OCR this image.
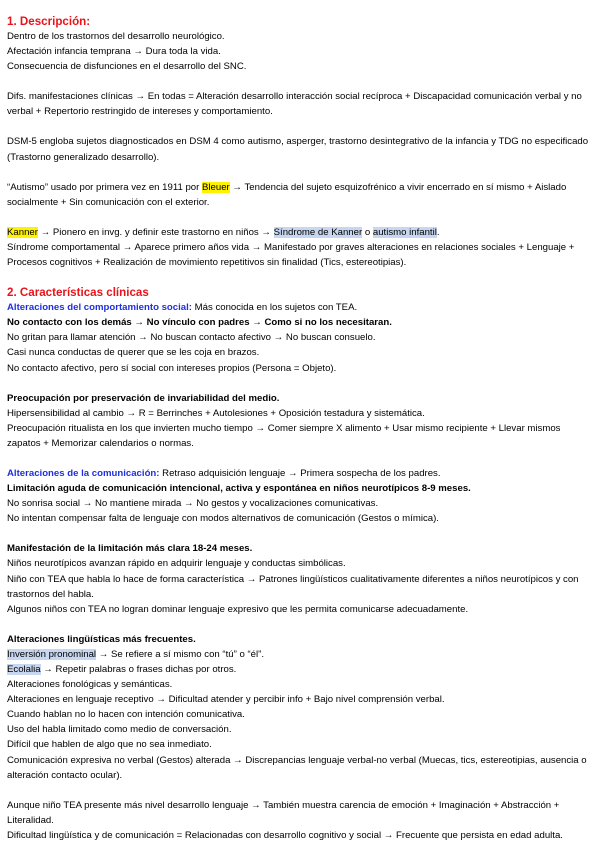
1. Descripción:

Dentro de los trastornos del desarrollo neurológico.

Afectación infancia temprana → Dura toda la vida.

Consecuencia de disfunciones en el desarrollo del SNC.

Difs. manifestaciones clínicas → En todas = Alteración desarrollo interacción social recíproca + Discapacidad comunicación verbal y no verbal + Repertorio restringido de intereses y comportamiento.

DSM-5 engloba sujetos diagnosticados en DSM 4 como autismo, asperger, trastorno desintegrativo de la infancia y TDG no especificado (Trastorno generalizado desarrollo).

“Autismo” usado por primera vez en 1911 por Bleuer → Tendencia del sujeto esquizofrénico a vivir encerrado en sí mismo + Aislado socialmente + Sin comunicación con el exterior.

Kanner → Pionero en invg. y definir este trastorno en niños → Síndrome de Kanner o autismo infantil.

Síndrome comportamental → Aparece primero años vida → Manifestado por graves alteraciones en relaciones sociales + Lenguaje + Procesos cognitivos + Realización de movimiento repetitivos sin finalidad (Tics, estereotipias).

2. Características clínicas

Alteraciones del comportamiento social: Más conocida en los sujetos con TEA.

No contacto con los demás → No vínculo con padres → Como si no los necesitaran.

No gritan para llamar atención → No buscan contacto afectivo → No buscan consuelo.

Casi nunca conductas de querer que se les coja en brazos.

No contacto afectivo, pero sí social con intereses propios (Persona = Objeto).

Preocupación por preservación de invariabilidad del medio.

Hipersensibilidad al cambio → R = Berrinches + Autolesiones + Oposición testadura y sistemática.

Preocupación ritualista en los que invierten mucho tiempo → Comer siempre X alimento + Usar mismo recipiente + Llevar mismos zapatos + Memorizar calendarios o normas.

Alteraciones de la comunicación: Retraso adquisición lenguaje → Primera sospecha de los padres.

Limitación aguda de comunicación intencional, activa y espontánea en niños neurotípicos 8-9 meses.

No sonrisa social → No mantiene mirada → No gestos y vocalizaciones comunicativas.

No intentan compensar falta de lenguaje con modos alternativos de comunicación (Gestos o mímica).

Manifestación de la limitación más clara 18-24 meses.

Niños neurotípicos avanzan rápido en adquirir lenguaje y conductas simbólicas.

Niño con TEA que habla lo hace de forma característica → Patrones lingüísticos cualitativamente diferentes a niños neurotípicos y con trastornos del habla.

Algunos niños con TEA no logran dominar lenguaje expresivo que les permita comunicarse adecuadamente.

Alteraciones lingüísticas más frecuentes.

Inversión pronominal → Se refiere a sí mismo con “tú” o “él”.

Ecolalia → Repetir palabras o frases dichas por otros.

Alteraciones fonológicas y semánticas.

Alteraciones en lenguaje receptivo → Dificultad atender y percibir info + Bajo nivel comprensión verbal.

Cuando hablan no lo hacen con intención comunicativa.

Uso del habla limitado como medio de conversación.

Difícil que hablen de algo que no sea inmediato.

Comunicación expresiva no verbal (Gestos) alterada → Discrepancias lenguaje verbal-no verbal (Muecas, tics, estereotipias, ausencia o alteración contacto ocular).

Aunque niño TEA presente más nivel desarrollo lenguaje → También muestra carencia de emoción + Imaginación + Abstracción + Literalidad.

Dificultad lingüística y de comunicación = Relacionadas con desarrollo cognitivo y social → Frecuente que persista en edad adulta.
